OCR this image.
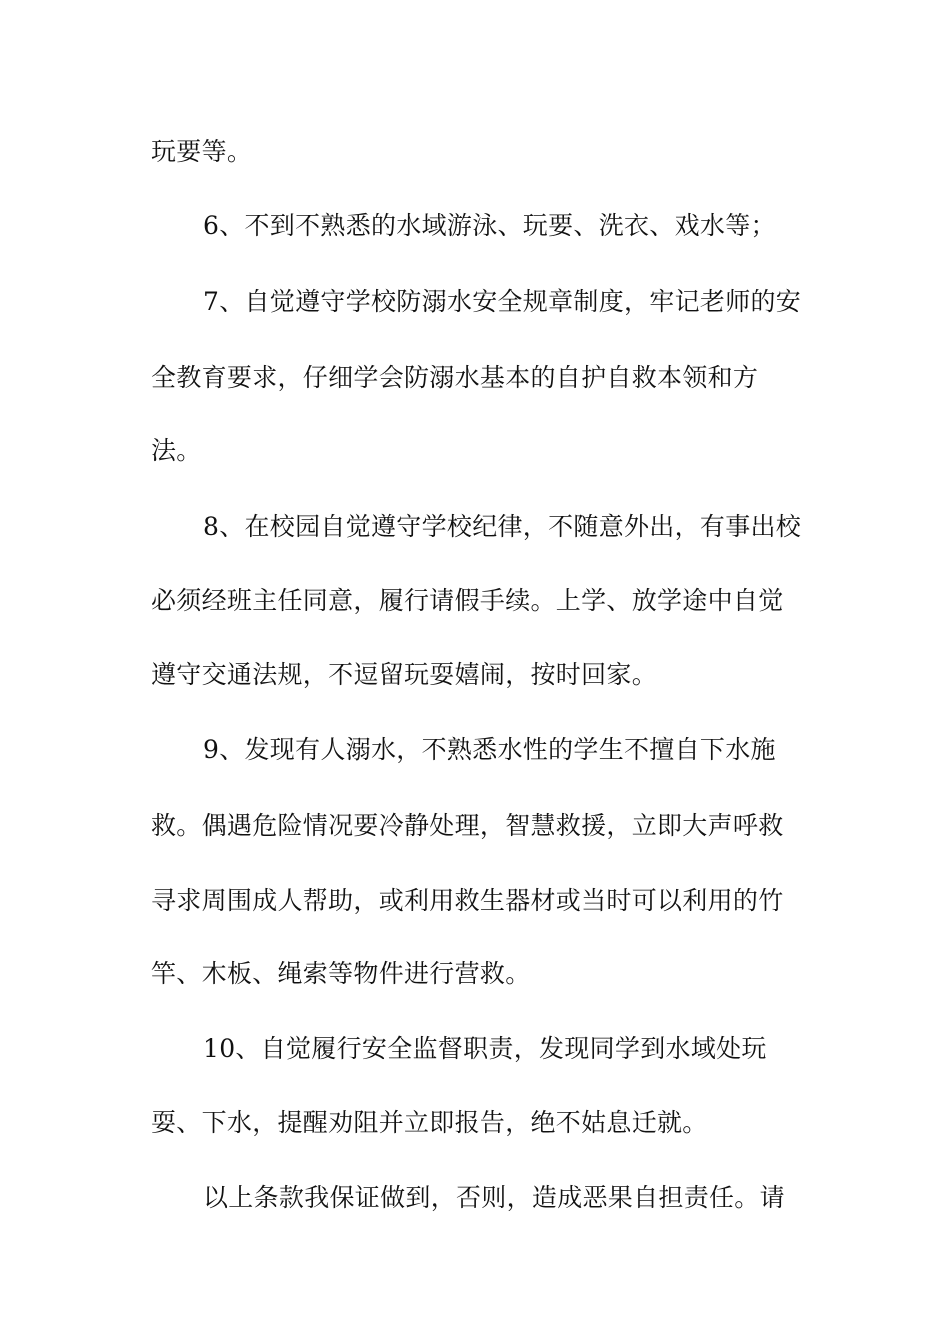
玩要等。
6、不到不熟悉的水域游泳、玩要、洗衣、戏水等；
7、自觉遵守学校防溺水安全规章制度，牢记老师的安
全教育要求，仔细学会防溺水基本的自护自救本领和方
法。
8、在校园自觉遵守学校纪律，不随意外出，有事出校
必须经班主任同意，履行请假手续。上学、放学途中自觉
遵守交通法规，不逗留玩耍嬉闹，按时回家。
9、发现有人溺水，不熟悉水性的学生不擅自下水施
救。偶遇危险情况要冷静处理，智慧救援，立即大声呼救
寻求周围成人帮助，或利用救生器材或当时可以利用的竹
竿、木板、绳索等物件进行营救。
10、自觉履行安全监督职责，发现同学到水域处玩
耍、下水，提醒劝阻并立即报告，绝不姑息迁就。
以上条款我保证做到，否则，造成恶果自担责任。请
